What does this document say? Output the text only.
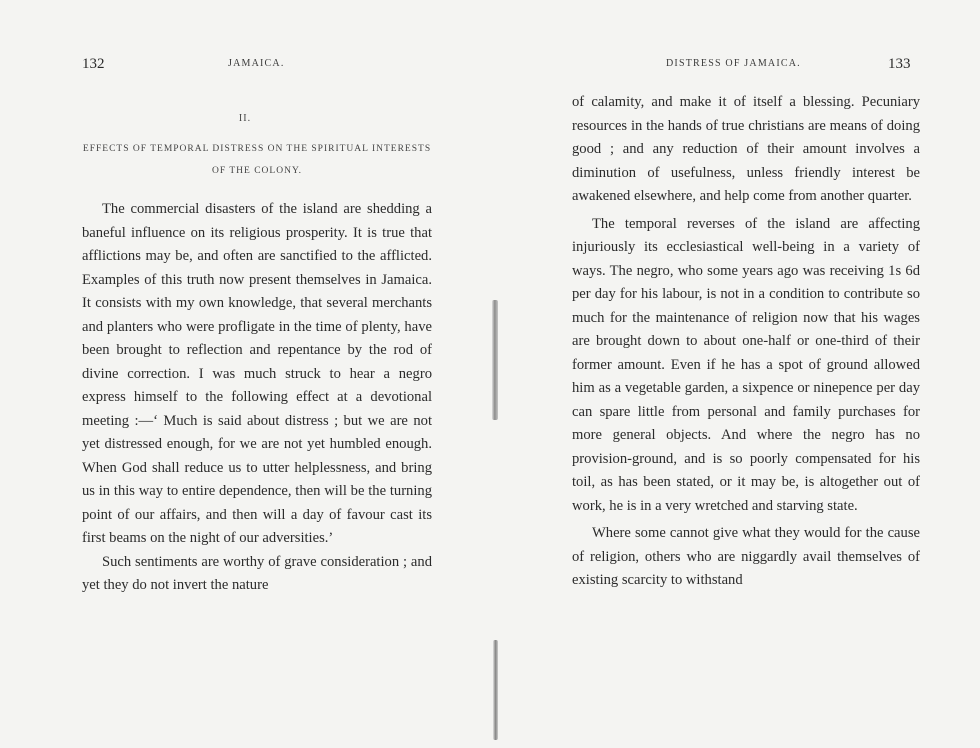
132	JAMAICA.
II.
EFFECTS OF TEMPORAL DISTRESS ON THE SPIRITUAL INTERESTS OF THE COLONY.

The commercial disasters of the island are shedding a baneful influence on its religious prosperity. It is true that afflictions may be, and often are sanctified to the afflicted. Examples of this truth now present themselves in Jamaica. It consists with my own knowledge, that several merchants and planters who were profligate in the time of plenty, have been brought to reflection and repentance by the rod of divine correction. I was much struck to hear a negro express himself to the following effect at a devotional meeting :—‘ Much is said about distress ; but we are not yet distressed enough, for we are not yet humbled enough. When God shall reduce us to utter helplessness, and bring us in this way to entire dependence, then will be the turning point of our affairs, and then will a day of favour cast its first beams on the night of our adversities.’

Such sentiments are worthy of grave consideration ; and yet they do not invert the nature

DISTRESS OF JAMAICA.	133

of calamity, and make it of itself a blessing. Pecuniary resources in the hands of true christians are means of doing good ; and any reduction of their amount involves a diminution of usefulness, unless friendly interest be awakened elsewhere, and help come from another quarter.

The temporal reverses of the island are affecting injuriously its ecclesiastical well-being in a variety of ways. The negro, who some years ago was receiving 1s 6d per day for his labour, is not in a condition to contribute so much for the maintenance of religion now that his wages are brought down to about one-half or one-third of their former amount. Even if he has a spot of ground allowed him as a vegetable garden, a sixpence or ninepence per day can spare little from personal and family purchases for more general objects. And where the negro has no provision-ground, and is so poorly compensated for his toil, as has been stated, or it may be, is altogether out of work, he is in a very wretched and starving state.

Where some cannot give what they would for the cause of religion, others who are niggardly avail themselves of existing scarcity to withstand
